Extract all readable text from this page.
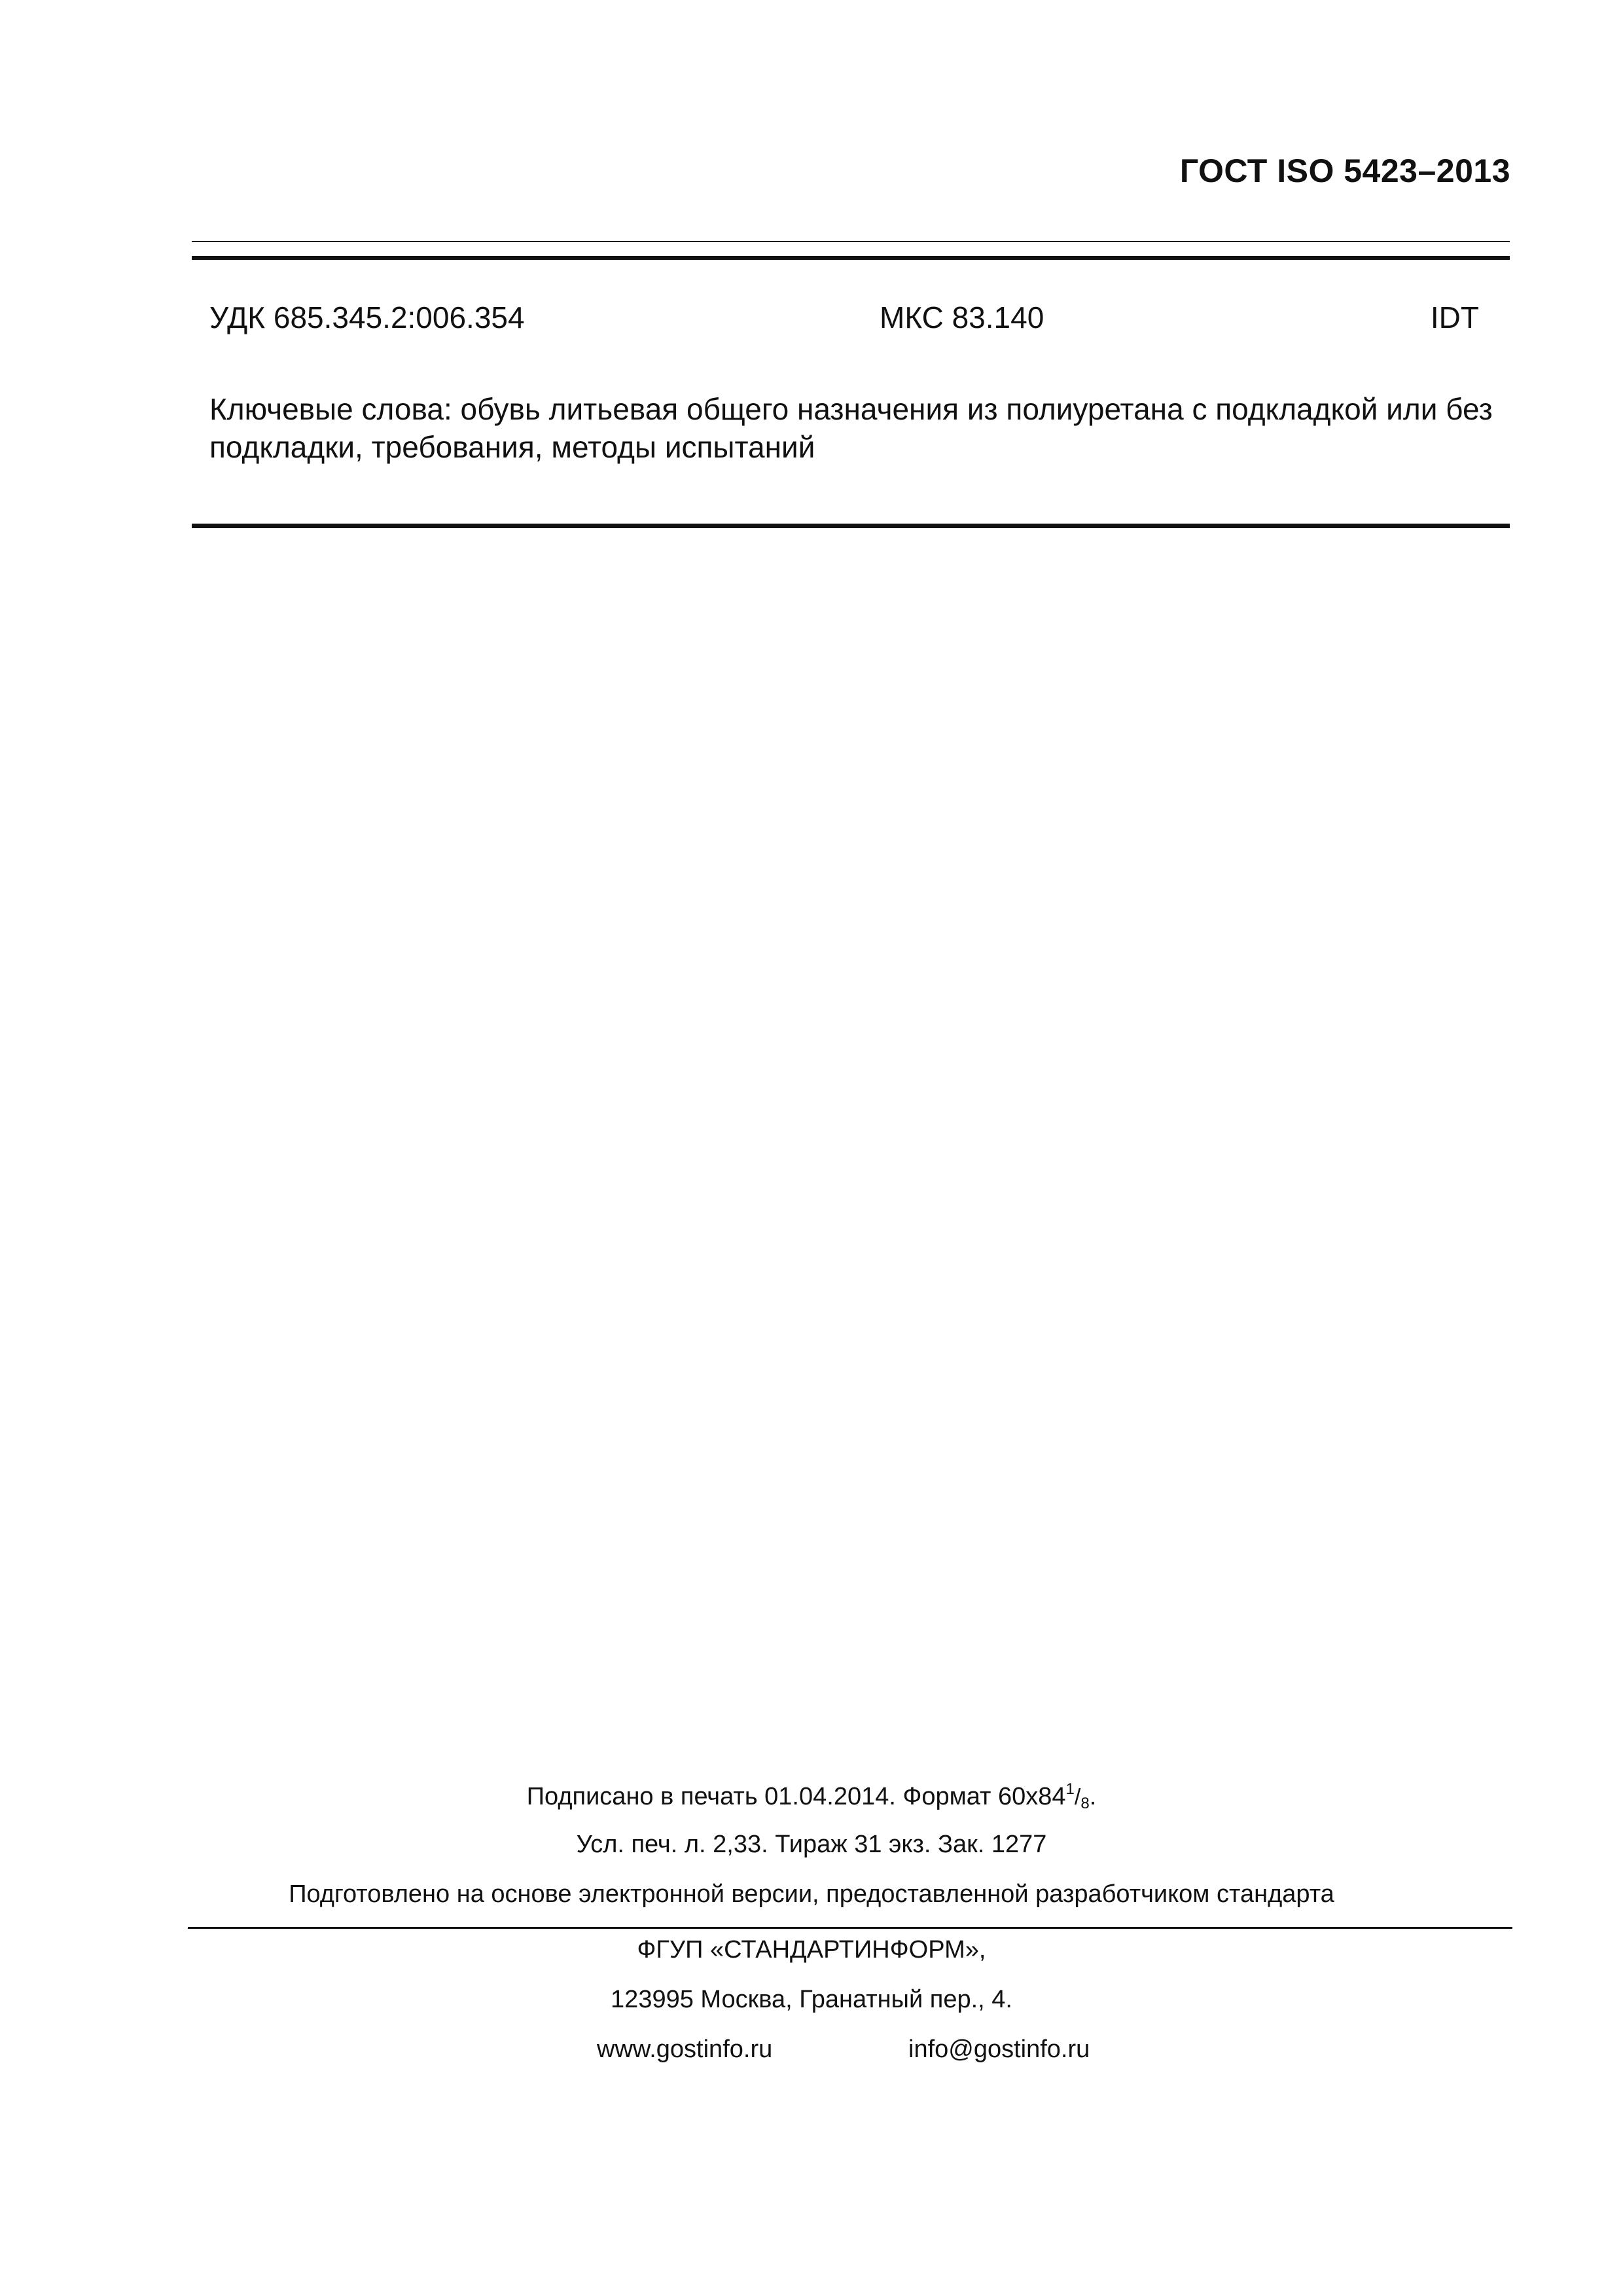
ГОСТ ISO 5423–2013
УДК 685.345.2:006.354	МКС 83.140	IDT
Ключевые слова: обувь литьевая общего назначения из полиуретана с подкладкой или без подкладки, требования, методы испытаний
Подписано в печать 01.04.2014. Формат $60х84^1/_8$.
Усл. печ. л. 2,33. Тираж 31 экз. Зак. 1277
Подготовлено на основе электронной версии, предоставленной разработчиком стандарта
ФГУП «СТАНДАРТИНФОРМ»,
123995 Москва, Гранатный пер., 4.
www.gostinfo.ru	info@gostinfo.ru
